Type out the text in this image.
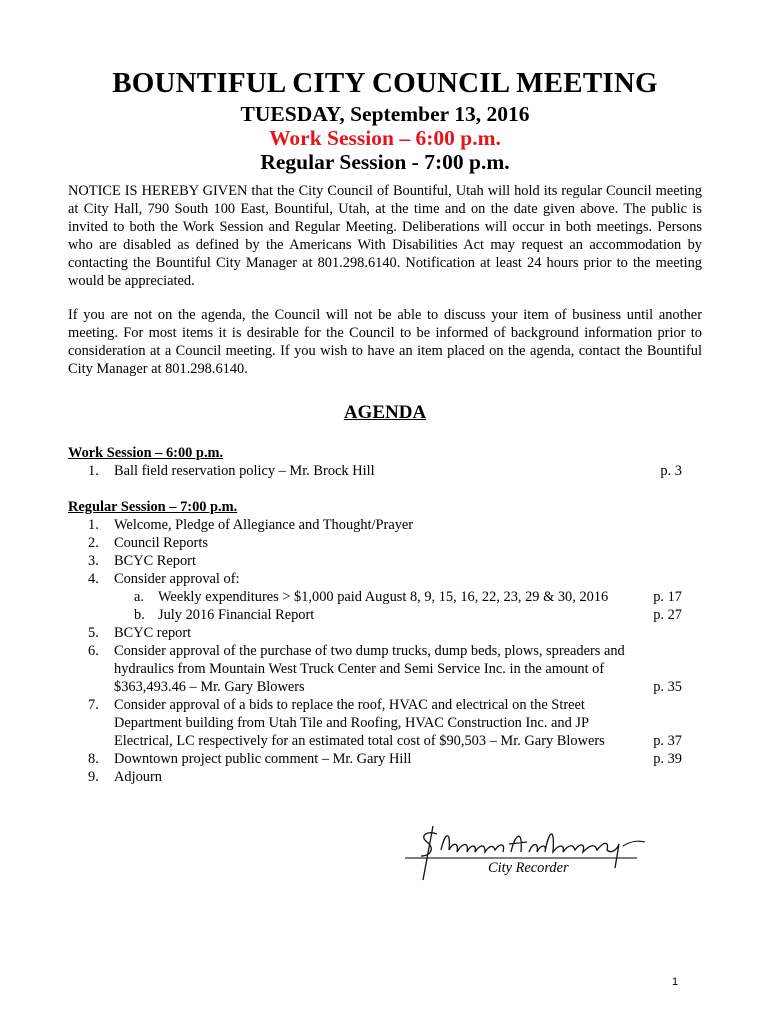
BOUNTIFUL CITY COUNCIL MEETING

TUESDAY, September 13, 2016

Work Session – 6:00 p.m.

Regular Session - 7:00 p.m.

NOTICE IS HEREBY GIVEN that the City Council of Bountiful, Utah will hold its regular Council meeting at City Hall, 790 South 100 East, Bountiful, Utah, at the time and on the date given above. The public is invited to both the Work Session and Regular Meeting. Deliberations will occur in both meetings. Persons who are disabled as defined by the Americans With Disabilities Act may request an accommodation by contacting the Bountiful City Manager at 801.298.6140. Notification at least 24 hours prior to the meeting would be appreciated.

If you are not on the agenda, the Council will not be able to discuss your item of business until another meeting. For most items it is desirable for the Council to be informed of background information prior to consideration at a Council meeting. If you wish to have an item placed on the agenda, contact the Bountiful City Manager at 801.298.6140.

AGENDA

Work Session – 6:00 p.m.

1. Ball field reservation policy – Mr. Brock Hill	p. 3

Regular Session – 7:00 p.m.

1. Welcome, Pledge of Allegiance and Thought/Prayer
2. Council Reports
3. BCYC Report
4. Consider approval of:
a. Weekly expenditures > $1,000 paid August 8, 9, 15, 16, 22, 23, 29 & 30, 2016	p. 17
b. July 2016 Financial Report	p. 27
5. BCYC report
6. Consider approval of the purchase of two dump trucks, dump beds, plows, spreaders and hydraulics from Mountain West Truck Center and Semi Service Inc. in the amount of $363,493.46 – Mr. Gary Blowers	p. 35
7. Consider approval of a bids to replace the roof, HVAC and electrical on the Street Department building from Utah Tile and Roofing, HVAC Construction Inc. and JP Electrical, LC respectively for an estimated total cost of $90,503 – Mr. Gary Blowers	p. 37
8. Downtown project public comment – Mr. Gary Hill	p. 39
9. Adjourn
City Recorder
1
